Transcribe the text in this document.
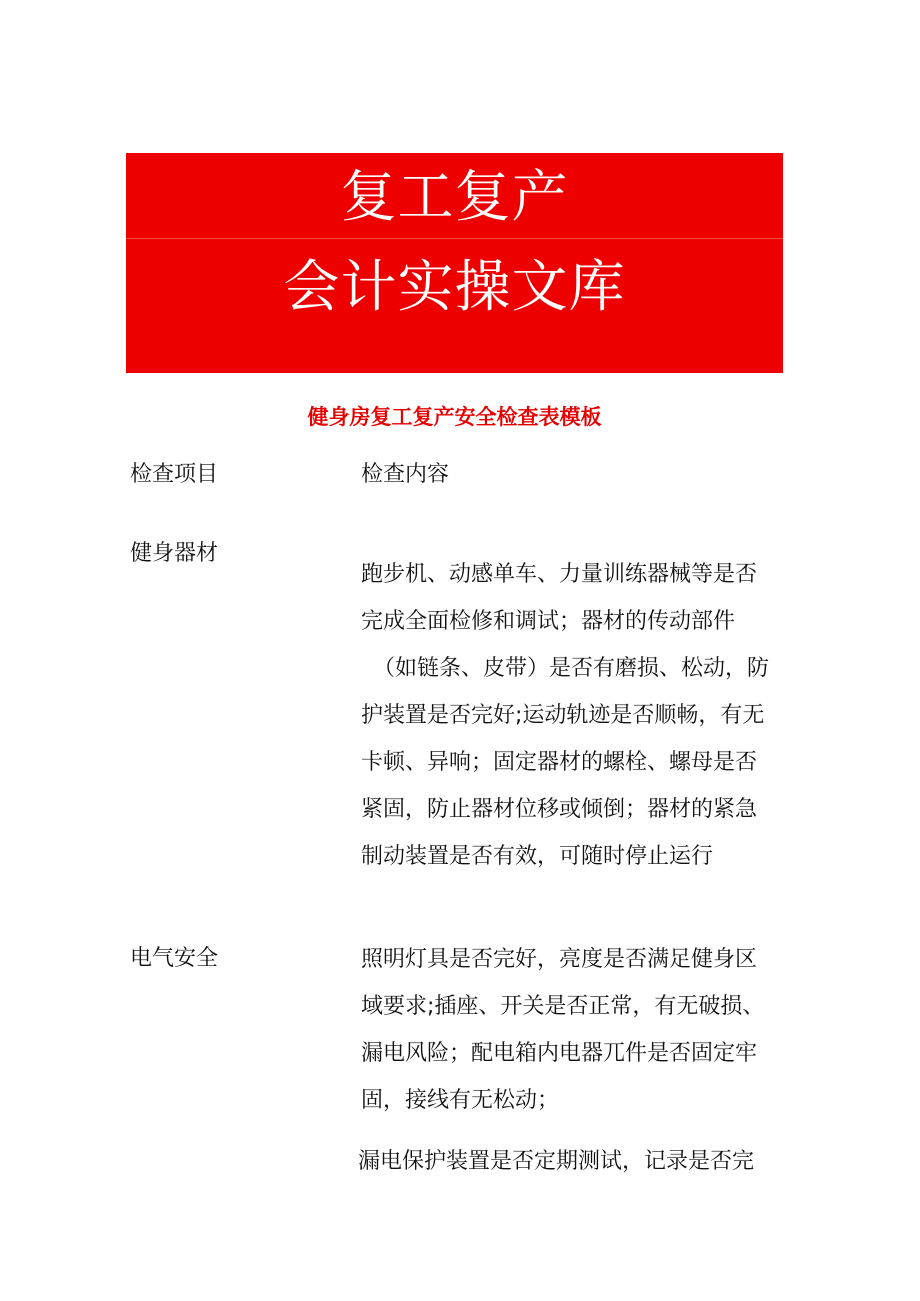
复工复产
会计实操文库
健身房复工复产安全检查表模板
检查项目	检查内容
健身器材

跑步机、动感单车、力量训练器械等是否

完成全面检修和调试；器材的传动部件

（如链条、皮带）是否有磨损、松动，防

护装置是否完好;运动轨迹是否顺畅，有无

卡顿、异响；固定器材的螺栓、螺母是否

紧固，防止器材位移或倾倒；器材的紧急

制动装置是否有效，可随时停止运行

电气安全	照明灯具是否完好，亮度是否满足健身区

域要求;插座、开关是否正常，有无破损、

漏电风险；配电箱内电器兀件是否固定牢

固，接线有无松动；

漏电保护装置是否定期测试，记录是否完
